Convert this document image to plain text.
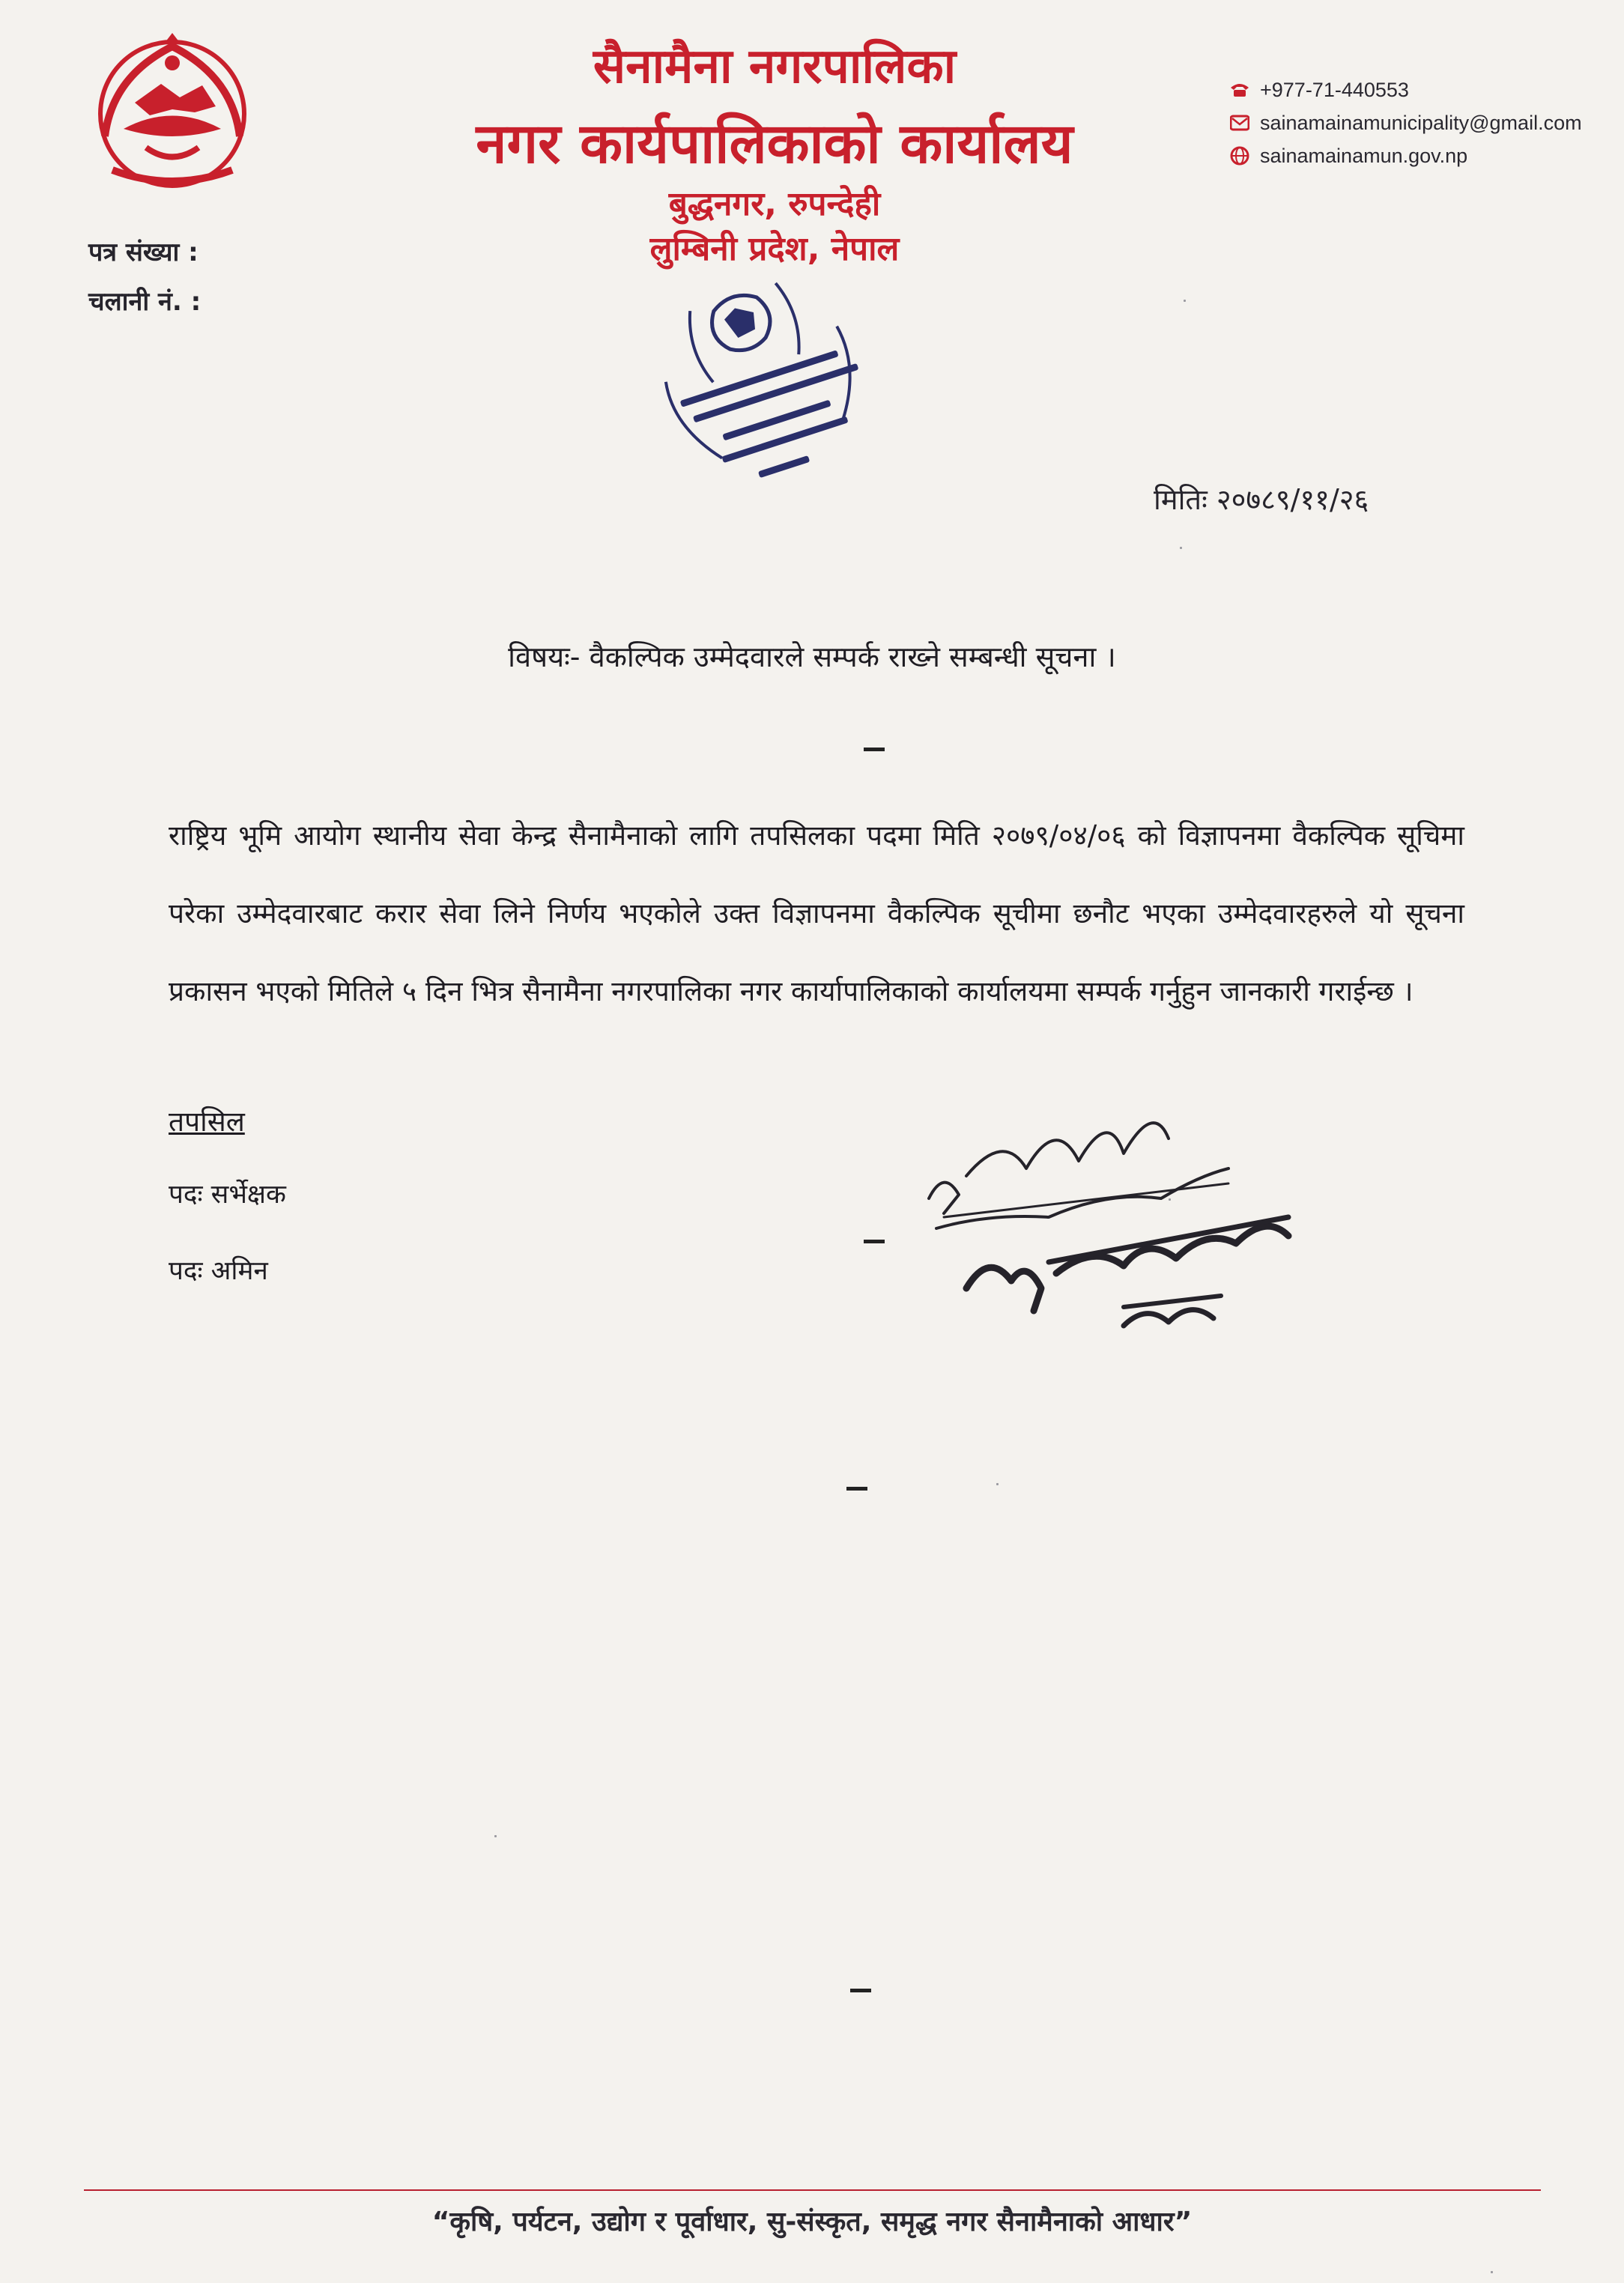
सैनामैना नगरपालिका
नगर कार्यपालिकाको कार्यालय
बुद्धनगर, रुपन्देही
लुम्बिनी प्रदेश, नेपाल
+977-71-440553
sainamainamunicipality@gmail.com
sainamainamun.gov.np
पत्र संख्या :
चलानी नं. :
मितिः २०७८९/११/२६
विषयः- वैकल्पिक उम्मेदवारले सम्पर्क राख्ने सम्बन्धी सूचना ।
राष्ट्रिय भूमि आयोग स्थानीय सेवा केन्द्र सैनामैनाको लागि तपसिलका पदमा मिति २०७९/०४/०६ को विज्ञापनमा वैकल्पिक सूचिमा परेका उम्मेदवारबाट करार सेवा लिने निर्णय भएकोले उक्त विज्ञापनमा वैकल्पिक सूचीमा छनौट भएका उम्मेदवारहरुले यो सूचना प्रकासन भएको मितिले ५ दिन भित्र सैनामैना नगरपालिका नगर कार्यापालिकाको कार्यालयमा सम्पर्क गर्नुहुन जानकारी गराईन्छ ।
तपसिल
पदः सर्भेक्षक
पदः अमिन
“कृषि, पर्यटन, उद्योग र पूर्वाधार, सु-संस्कृत, समृद्ध नगर सैनामैनाको आधार”
